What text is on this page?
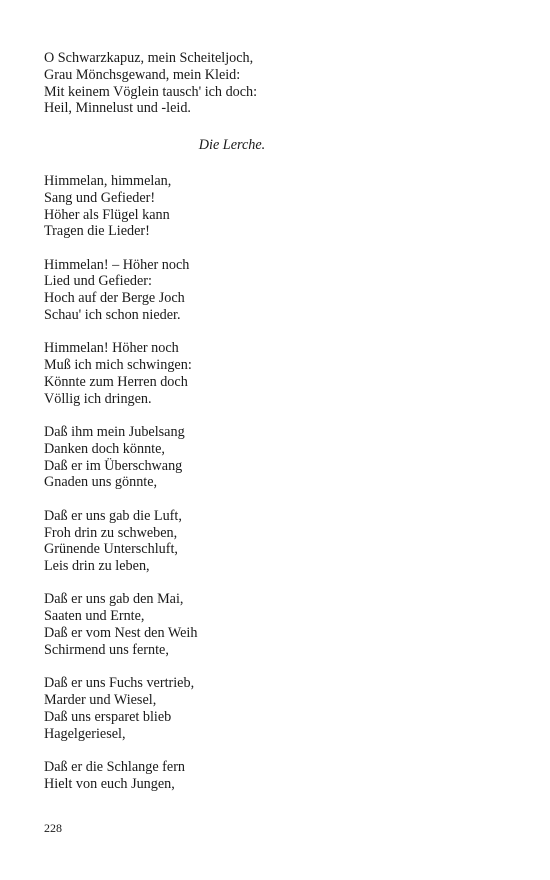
O Schwarzkapuz, mein Scheiteljoch,
Grau Mönchsgewand, mein Kleid:
Mit keinem Vöglein tausch' ich doch:
Heil, Minnelust und -leid.
Die Lerche.
Himmelan, himmelan,
Sang und Gefieder!
Höher als Flügel kann
Tragen die Lieder!
Himmelan! – Höher noch
Lied und Gefieder:
Hoch auf der Berge Joch
Schau' ich schon nieder.
Himmelan! Höher noch
Muß ich mich schwingen:
Könnte zum Herren doch
Völlig ich dringen.
Daß ihm mein Jubelsang
Danken doch könnte,
Daß er im Überschwang
Gnaden uns gönnte,
Daß er uns gab die Luft,
Froh drin zu schweben,
Grünende Unterschluft,
Leis drin zu leben,
Daß er uns gab den Mai,
Saaten und Ernte,
Daß er vom Nest den Weih
Schirmend uns fernte,
Daß er uns Fuchs vertrieb,
Marder und Wiesel,
Daß uns ersparet blieb
Hagelgeriesel,
Daß er die Schlange fern
Hielt von euch Jungen,
228
